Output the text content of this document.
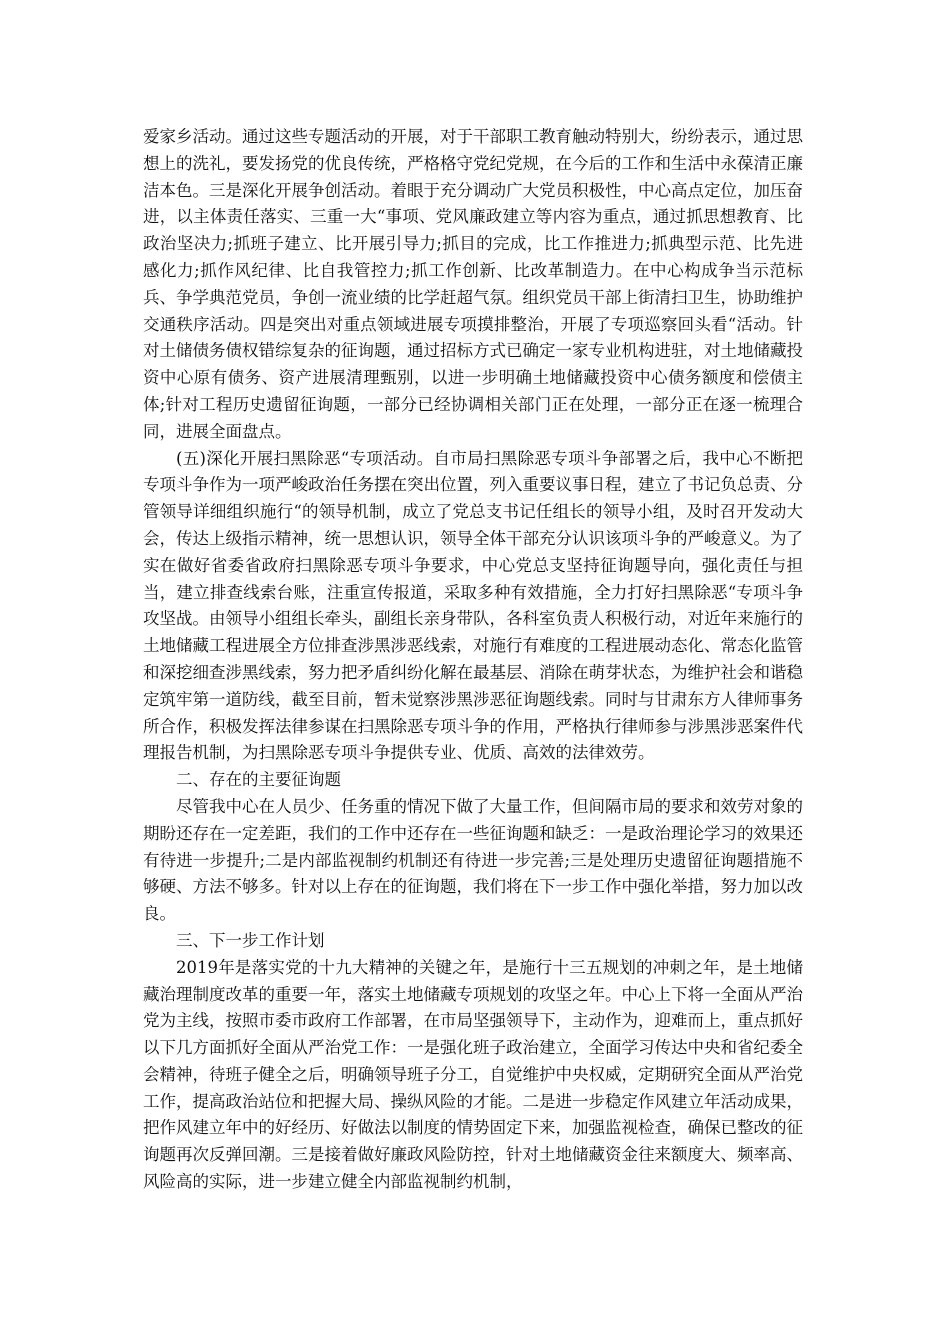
爱家乡活动。通过这些专题活动的开展，对于干部职工教育触动特别大，纷纷表示，通过思想上的洗礼，要发扬党的优良传统，严格格守党纪党规，在今后的工作和生活中永葆清正廉洁本色。三是深化开展争创活动。着眼于充分调动广大党员积极性，中心高点定位，加压奋进，以主体责任落实、三重一大“事项、党风廉政建立等内容为重点，通过抓思想教育、比政治坚决力;抓班子建立、比开展引导力;抓目的完成，比工作推进力;抓典型示范、比先进感化力;抓作风纪律、比自我管控力;抓工作创新、比改革制造力。在中心构成争当示范标兵、争学典范党员，争创一流业绩的比学赶超气氛。组织党员干部上街清扫卫生，协助维护交通秩序活动。四是突出对重点领域进展专项摸排整治，开展了专项巡察回头看“活动。针对土储债务债权错综复杂的征询题，通过招标方式已确定一家专业机构进驻，对土地储藏投资中心原有债务、资产进展清理甄别，以进一步明确土地储藏投资中心债务额度和偿债主体;针对工程历史遗留征询题，一部分已经协调相关部门正在处理，一部分正在逐一梳理合同，进展全面盘点。

(五)深化开展扫黑除恶“专项活动。自市局扫黑除恶专项斗争部署之后，我中心不断把专项斗争作为一项严峻政治任务摆在突出位置，列入重要议事日程，建立了书记负总责、分管领导详细组织施行“的领导机制，成立了党总支书记任组长的领导小组，及时召开发动大会，传达上级指示精神，统一思想认识，领导全体干部充分认识该项斗争的严峻意义。为了实在做好省委省政府扫黑除恶专项斗争要求，中心党总支坚持征询题导向，强化责任与担当，建立排查线索台账，注重宣传报道，采取多种有效措施，全力打好扫黑除恶“专项斗争攻坚战。由领导小组组长牵头，副组长亲身带队，各科室负责人积极行动，对近年来施行的土地储藏工程进展全方位排查涉黑涉恶线索，对施行有难度的工程进展动态化、常态化监管和深挖细查涉黑线索，努力把矛盾纠纷化解在最基层、消除在萌芽状态，为维护社会和谐稳定筑牢第一道防线，截至目前，暂未觉察涉黑涉恶征询题线索。同时与甘肃东方人律师事务所合作，积极发挥法律参谋在扫黑除恶专项斗争的作用，严格执行律师参与涉黑涉恶案件代理报告机制，为扫黑除恶专项斗争提供专业、优质、高效的法律效劳。

二、存在的主要征询题

尽管我中心在人员少、任务重的情况下做了大量工作，但间隔市局的要求和效劳对象的期盼还存在一定差距，我们的工作中还存在一些征询题和缺乏：一是政治理论学习的效果还有待进一步提升;二是内部监视制约机制还有待进一步完善;三是处理历史遗留征询题措施不够硬、方法不够多。针对以上存在的征询题，我们将在下一步工作中强化举措，努力加以改良。

三、下一步工作计划

2019年是落实党的十九大精神的关键之年，是施行十三五规划的冲刺之年，是土地储藏治理制度改革的重要一年，落实土地储藏专项规划的攻坚之年。中心上下将一全面从严治党为主线，按照市委市政府工作部署，在市局坚强领导下，主动作为，迎难而上，重点抓好以下几方面抓好全面从严治党工作：一是强化班子政治建立，全面学习传达中央和省纪委全会精神，待班子健全之后，明确领导班子分工，自觉维护中央权威，定期研究全面从严治党工作，提高政治站位和把握大局、操纵风险的才能。二是进一步稳定作风建立年活动成果，把作风建立年中的好经历、好做法以制度的情势固定下来，加强监视检查，确保已整改的征询题再次反弹回潮。三是接着做好廉政风险防控，针对土地储藏资金往来额度大、频率高、风险高的实际，进一步建立健全内部监视制约机制，
